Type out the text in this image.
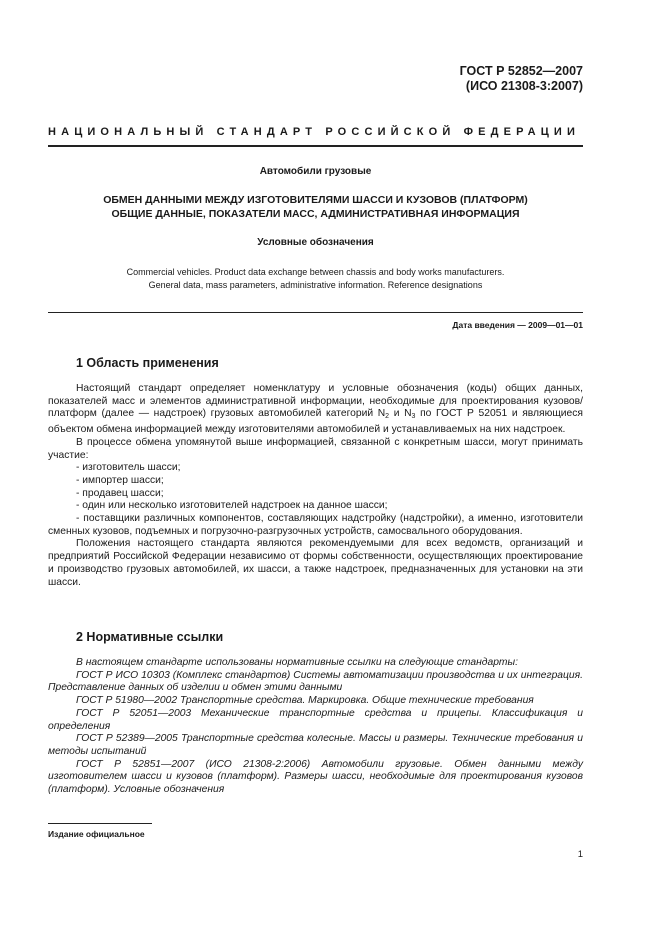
ГОСТ Р 52852—2007
(ИСО 21308-3:2007)
НАЦИОНАЛЬНЫЙ СТАНДАРТ РОССИЙСКОЙ ФЕДЕРАЦИИ
Автомобили грузовые
ОБМЕН ДАННЫМИ МЕЖДУ ИЗГОТОВИТЕЛЯМИ ШАССИ И КУЗОВОВ (ПЛАТФОРМ)
ОБЩИЕ ДАННЫЕ, ПОКАЗАТЕЛИ МАСС, АДМИНИСТРАТИВНАЯ ИНФОРМАЦИЯ
Условные обозначения
Commercial vehicles. Product data exchange between chassis and body works manufacturers.
General data, mass parameters, administrative information. Reference designations
Дата введения — 2009—01—01
1 Область применения

Настоящий стандарт определяет номенклатуру и условные обозначения (коды) общих данных, показателей масс и элементов административной информации, необходимые для проектирования кузовов/платформ (далее — надстроек) грузовых автомобилей категорий $N_2$ и $N_3$ по ГОСТ Р 52051 и являющиеся объектом обмена информацией между изготовителями автомобилей и устанавливаемых на них надстроек.

В процессе обмена упомянутой выше информацией, связанной с конкретным шасси, могут принимать участие:

- изготовитель шасси;

- импортер шасси;

- продавец шасси;

- один или несколько изготовителей надстроек на данное шасси;

- поставщики различных компонентов, составляющих надстройку (надстройки), а именно, изготовители сменных кузовов, подъемных и погрузочно-разгрузочных устройств, самосвального оборудования.

Положения настоящего стандарта являются рекомендуемыми для всех ведомств, организаций и предприятий Российской Федерации независимо от формы собственности, осуществляющих проектирование и производство грузовых автомобилей, их шасси, а также надстроек, предназначенных для установки на эти шасси.

2 Нормативные ссылки

В настоящем стандарте использованы нормативные ссылки на следующие стандарты:

ГОСТ Р ИСО 10303 (Комплекс стандартов) Системы автоматизации производства и их интеграция. Представление данных об изделии и обмен этими данными

ГОСТ Р 51980—2002 Транспортные средства. Маркировка. Общие технические требования

ГОСТ Р 52051—2003 Механические транспортные средства и прицепы. Классификация и определения

ГОСТ Р 52389—2005 Транспортные средства колесные. Массы и размеры. Технические требования и методы испытаний

ГОСТ Р 52851—2007 (ИСО 21308-2:2006) Автомобили грузовые. Обмен данными между изготовителем шасси и кузовов (платформ). Размеры шасси, необходимые для проектирования кузовов (платформ). Условные обозначения

Издание официальное
1
